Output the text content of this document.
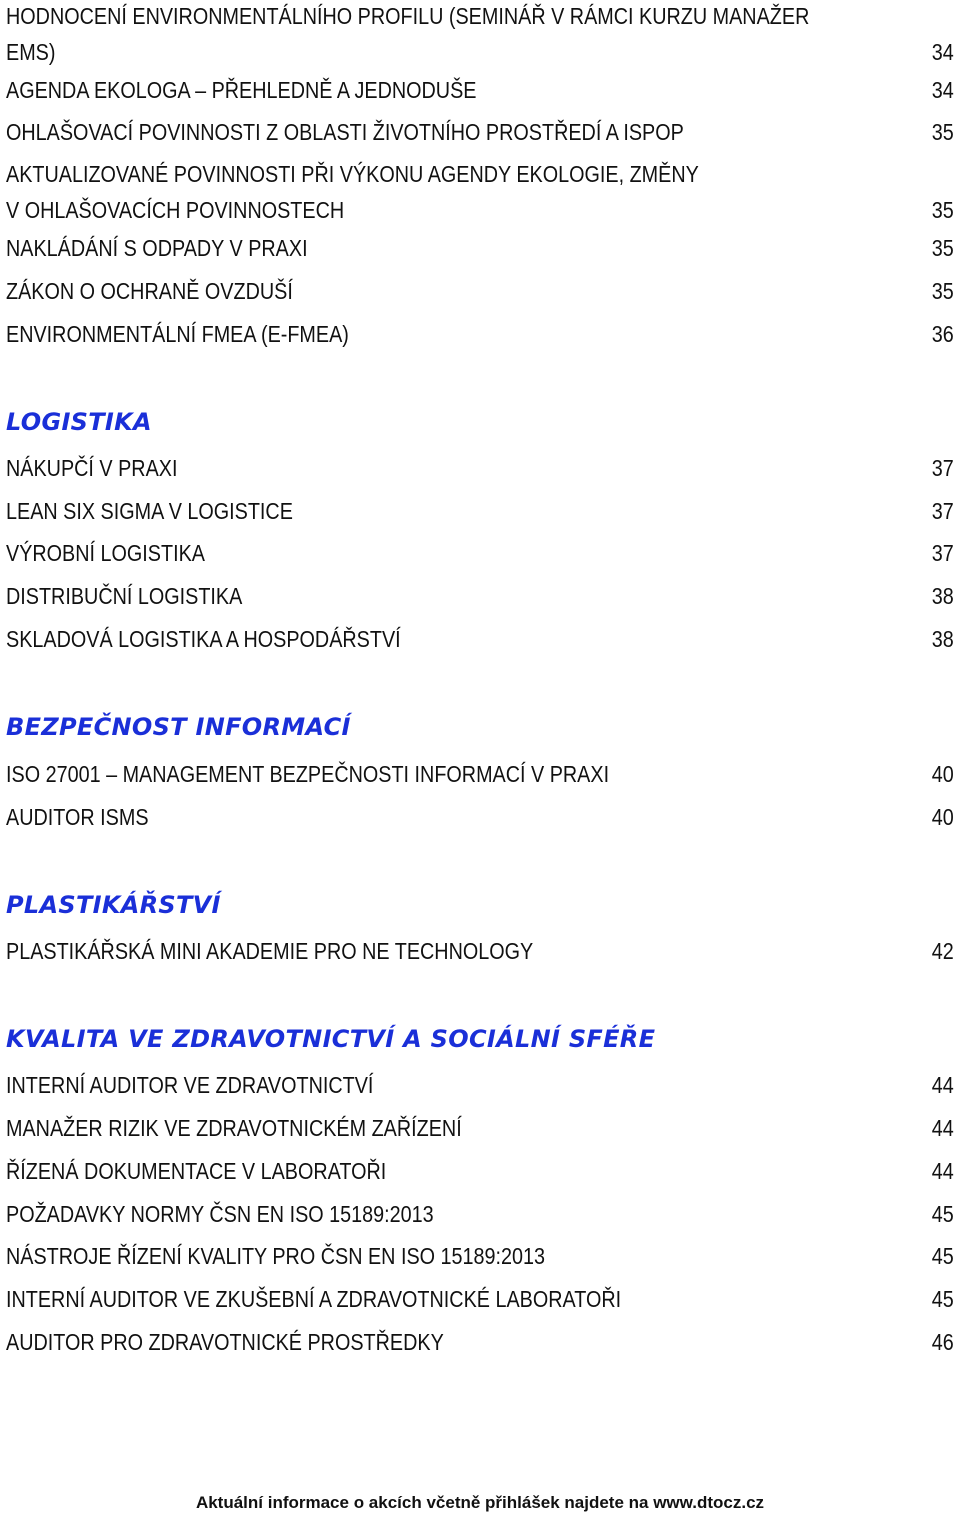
HODNOCENÍ ENVIRONMENTÁLNÍHO PROFILU (SEMINÁŘ V RÁMCI KURZU MANAŽER
EMS)	34
AGENDA EKOLOGA – PŘEHLEDNĚ A JEDNODUŠE	34
OHLAŠOVACÍ POVINNOSTI Z OBLASTI ŽIVOTNÍHO PROSTŘEDÍ A ISPOP	35
AKTUALIZOVANÉ POVINNOSTI PŘI VÝKONU AGENDY EKOLOGIE, ZMĚNY
V OHLAŠOVACÍCH POVINNOSTECH	35
NAKLÁDÁNÍ S ODPADY V PRAXI	35
ZÁKON O OCHRANĚ OVZDUŠÍ	35
ENVIRONMENTÁLNÍ FMEA (E-FMEA)	36
LOGISTIKA
NÁKUPČÍ V PRAXI	37
LEAN SIX SIGMA V LOGISTICE	37
VÝROBNÍ LOGISTIKA	37
DISTRIBUČNÍ LOGISTIKA	38
SKLADOVÁ LOGISTIKA A HOSPODÁŘSTVÍ	38
BEZPEČNOST INFORMACÍ
ISO 27001 – MANAGEMENT BEZPEČNOSTI INFORMACÍ V PRAXI	40
AUDITOR ISMS	40
PLASTIKÁŘSTVÍ
PLASTIKÁŘSKÁ MINI AKADEMIE PRO NE TECHNOLOGY	42
KVALITA VE ZDRAVOTNICTVÍ A SOCIÁLNÍ SFÉŘE
INTERNÍ AUDITOR VE ZDRAVOTNICTVÍ	44
MANAŽER RIZIK VE ZDRAVOTNICKÉM ZAŘÍZENÍ	44
ŘÍZENÁ DOKUMENTACE V LABORATOŘI	44
POŽADAVKY NORMY ČSN EN ISO 15189:2013	45
NÁSTROJE ŘÍZENÍ KVALITY PRO ČSN EN ISO 15189:2013	45
INTERNÍ AUDITOR VE ZKUŠEBNÍ A ZDRAVOTNICKÉ LABORATOŘI	45
AUDITOR PRO ZDRAVOTNICKÉ PROSTŘEDKY	46
Aktuální informace o akcích včetně přihlášek najdete na www.dtocz.cz
